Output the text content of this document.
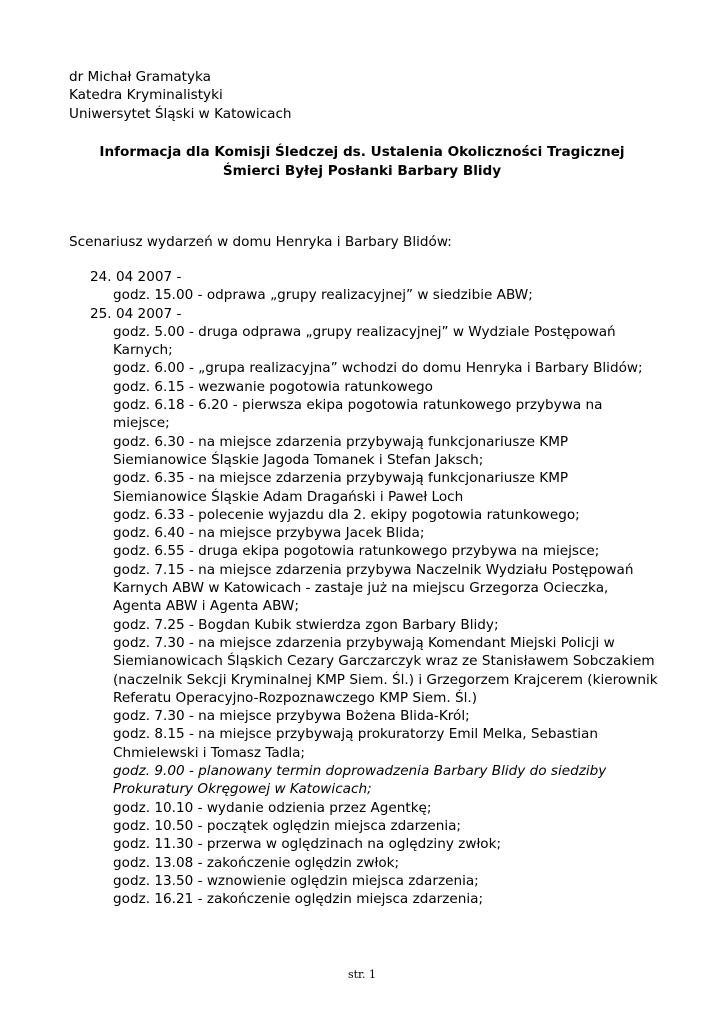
dr Michał Gramatyka
Katedra Kryminalistyki
Uniwersytet Śląski w Katowicach
Informacja dla Komisji Śledczej ds. Ustalenia Okoliczności Tragicznej
Śmierci Byłej Posłanki Barbary Blidy
Scenariusz wydarzeń w domu Henryka i Barbary Blidów:
24. 04 2007 -
godz. 15.00 - odprawa „grupy realizacyjnej” w siedzibie ABW;
25. 04 2007 -
godz. 5.00 - druga odprawa „grupy realizacyjnej” w Wydziale Postępowań Karnych;
godz. 6.00 - „grupa realizacyjna” wchodzi do domu Henryka i Barbary Blidów;
godz. 6.15 - wezwanie pogotowia ratunkowego
godz. 6.18 - 6.20 - pierwsza ekipa pogotowia ratunkowego przybywa na miejsce;
godz. 6.30 - na miejsce zdarzenia przybywają funkcjonariusze KMP Siemianowice Śląskie Jagoda Tomanek i Stefan Jaksch;
godz. 6.35 - na miejsce zdarzenia przybywają funkcjonariusze KMP Siemianowice Śląskie Adam Dragański i Paweł Loch
godz. 6.33 - polecenie wyjazdu dla 2. ekipy pogotowia ratunkowego;
godz. 6.40 - na miejsce przybywa Jacek Blida;
godz. 6.55 - druga ekipa pogotowia ratunkowego przybywa na miejsce;
godz. 7.15 - na miejsce zdarzenia przybywa Naczelnik Wydziału Postępowań Karnych ABW w Katowicach - zastaje już na miejscu Grzegorza Ocieczka, Agenta ABW i Agenta ABW;
godz. 7.25 - Bogdan Kubik stwierdza zgon Barbary Blidy;
godz. 7.30 - na miejsce zdarzenia przybywają Komendant Miejski Policji w Siemianowicach Śląskich Cezary Garczarczyk wraz ze Stanisławem Sobczakiem (naczelnik Sekcji Kryminalnej KMP Siem. Śl.) i Grzegorzem Krajcerem (kierownik Referatu Operacyjno-Rozpoznawczego KMP Siem. Śl.)
godz. 7.30 - na miejsce przybywa Bożena Blida-Król;
godz. 8.15 - na miejsce przybywają prokuratorzy Emil Melka, Sebastian Chmielewski i Tomasz Tadla;
godz. 9.00 - planowany termin doprowadzenia Barbary Blidy do siedziby Prokuratury Okręgowej w Katowicach;
godz. 10.10 - wydanie odzienia przez Agentkę;
godz. 10.50 - początek oględzin miejsca zdarzenia;
godz. 11.30 - przerwa w oględzinach na oględziny zwłok;
godz. 13.08 - zakończenie oględzin zwłok;
godz. 13.50 - wznowienie oględzin miejsca zdarzenia;
godz. 16.21 - zakończenie oględzin miejsca zdarzenia;
str. 1
